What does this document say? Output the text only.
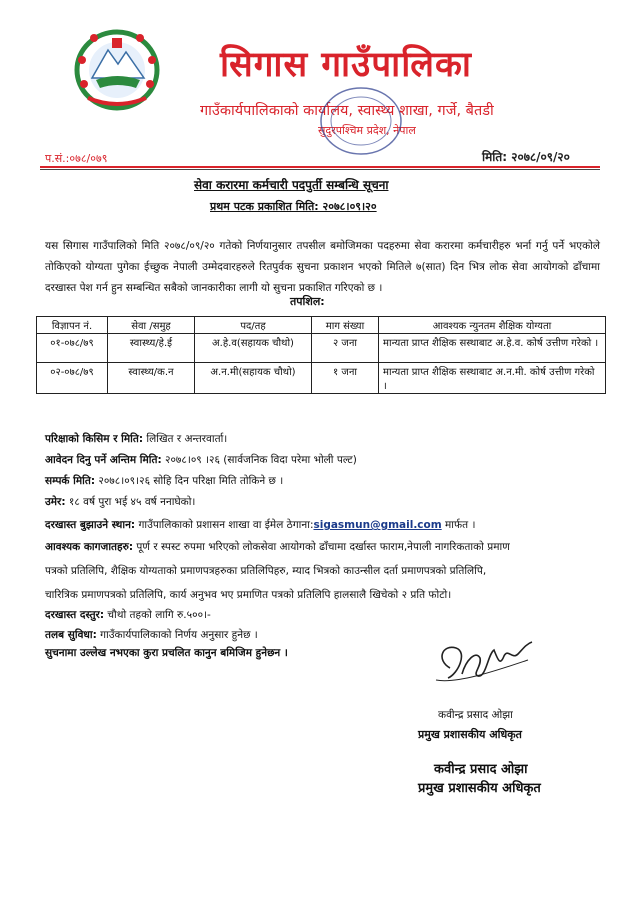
सिगास गाउँपालिका
गाउँकार्यपालिकाको कार्यालय, स्वास्थ्य शाखा, गर्जे, बैतडी
सुदुरपश्चिम प्रदेश, नेपाल
प.सं.:०७८/०७९	मिति: २०७८/०९/२०
सेवा करारमा कर्मचारी पदपुर्ती सम्बन्धि सूचना
प्रथम पटक प्रकाशित मिति: २०७८।०९।२०
यस सिगास गाउँपालिको मिति २०७८/०९/२० गतेको निर्णयानुसार तपसील बमोजिमका पदहरुमा सेवा करारमा कर्मचारीहरु भर्ना गर्नु पर्ने भएकोले तोकिएको योग्यता पुगेका ईच्छुक नेपाली उम्मेदवारहरुले रितपुर्वक सुचना प्रकाशन भएको मितिले ७(सात) दिन भित्र लोक सेवा आयोगको ढाँचामा दरखास्त पेश गर्न हुन सम्बन्धित सबैको जानकारीका लागी यो सुचना प्रकाशित गरिएको छ ।
तपशिल:
विज्ञापन नं.	सेवा /समुह	पद/तह	माग संख्या	आवश्यक न्युनतम शैक्षिक योग्यता
०१-०७८/७९	स्वास्थ्य/हे.ई	अ.हे.व(सहायक चौथो)	२ जना	मान्यता प्राप्त शैक्षिक सस्थाबाट अ.हे.व. कोर्ष उत्तीण गरेको ।
०२-०७८/७९	स्वास्थ्य/क.न	अ.न.मी(सहायक चौथो)	१ जना	मान्यता प्राप्त शैक्षिक सस्थाबाट अ.न.मी. कोर्ष उत्तीण गरेको ।
परिक्षाको किसिम र मिति: लिखित र अन्तरवार्ता।
आवेदन दिनु पर्ने अन्तिम मिति: २०७८।०९ ।२६ (सार्वजनिक विदा परेमा भोली पल्ट)
सम्पर्क मिति: २०७८।०९।२६ सोहि दिन परिक्षा मिति तोकिने छ ।
उमेर: १८ वर्ष पुरा भई ४५ वर्ष ननाघेको।
दरखास्त बुझाउने स्थान: गाउँपालिकाको प्रशासन शाखा वा ईमेल ठेगाना:sigasmun@gmail.com मार्फत ।
आवश्यक कागजातहरु: पूर्ण र स्पस्ट रुपमा भरिएको लोकसेवा आयोगको ढाँचामा दर्खास्त फाराम,नेपाली नागरिकताको प्रमाण
पत्रको प्रतिलिपि, शैक्षिक योग्यताको प्रमाणपत्रहरुका प्रतिलिपिहरु, म्याद भित्रको काउन्सील दर्ता प्रमाणपत्रको प्रतिलिपि,
चारित्रिक प्रमाणपत्रको प्रतिलिपि, कार्य अनुभव भए प्रमाणित पत्रको प्रतिलिपि हालसालै खिचेको २ प्रति फोटो।
दरखास्त दस्तुर: चौथो तहको लागि रु.५००।-
तलब सुविधा: गाउँकार्यपालिकाको निर्णय अनुसार हुनेछ ।
सुचनामा उल्लेख नभएका कुरा प्रचलित कानुन बमिजिम हुनेछन ।
कवीन्द्र प्रसाद ओझा
प्रमुख प्रशासकीय अधिकृत
कवीन्द्र प्रसाद ओझा
प्रमुख प्रशासकीय अधिकृत
